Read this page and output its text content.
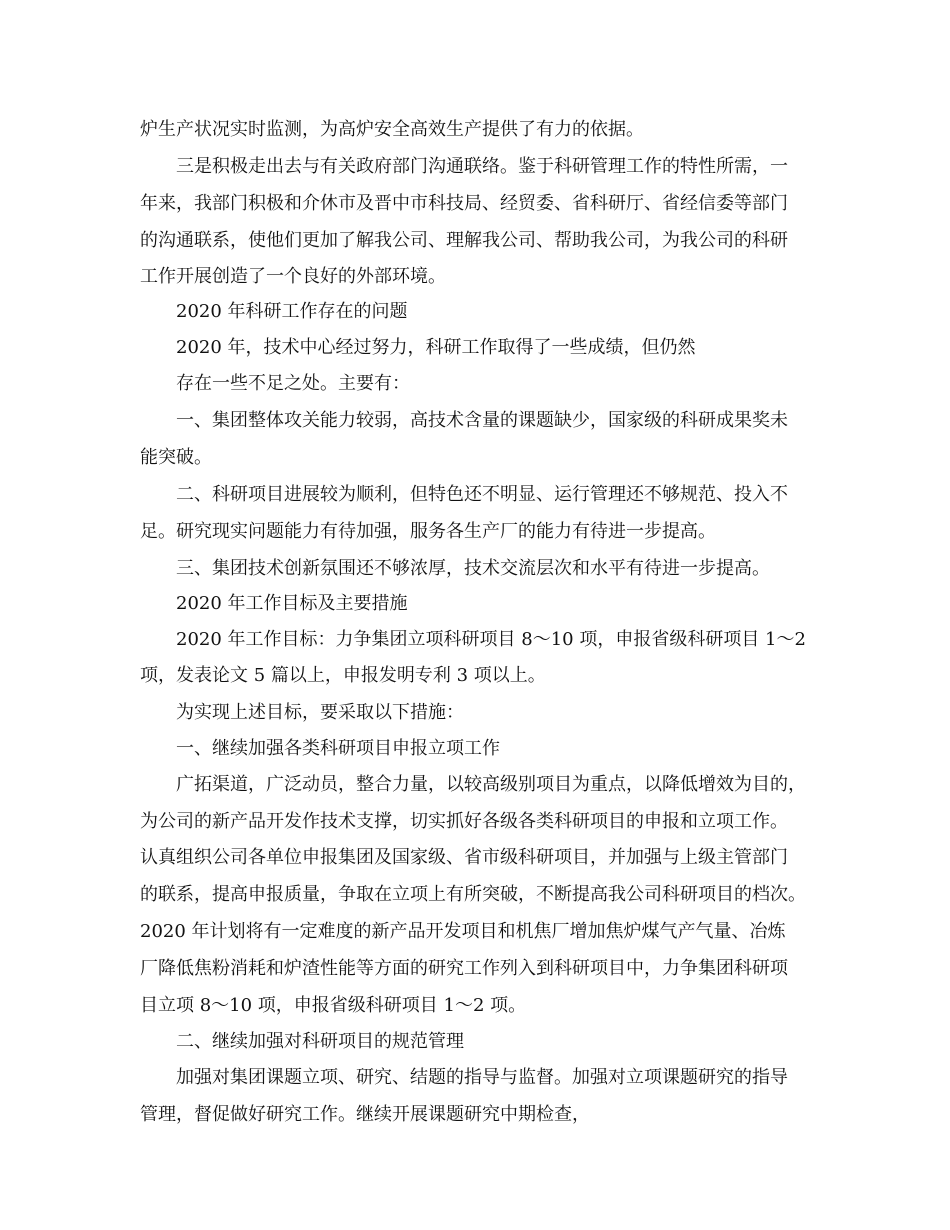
炉生产状况实时监测，为高炉安全高效生产提供了有力的依据。
三是积极走出去与有关政府部门沟通联络。鉴于科研管理工作的特性所需，一
年来，我部门积极和介休市及晋中市科技局、经贸委、省科研厅、省经信委等部门
的沟通联系，使他们更加了解我公司、理解我公司、帮助我公司，为我公司的科研
工作开展创造了一个良好的外部环境。
2020 年科研工作存在的问题
2020 年，技术中心经过努力，科研工作取得了一些成绩，但仍然
存在一些不足之处。主要有：
一、集团整体攻关能力较弱，高技术含量的课题缺少，国家级的科研成果奖未
能突破。
二、科研项目进展较为顺利，但特色还不明显、运行管理还不够规范、投入不
足。研究现实问题能力有待加强，服务各生产厂的能力有待进一步提高。
三、集团技术创新氛围还不够浓厚，技术交流层次和水平有待进一步提高。
2020 年工作目标及主要措施
2020 年工作目标：力争集团立项科研项目 8～10 项，申报省级科研项目 1～2
项，发表论文 5 篇以上，申报发明专利 3 项以上。
为实现上述目标，要采取以下措施：
一、继续加强各类科研项目申报立项工作
广拓渠道，广泛动员，整合力量，以较高级别项目为重点，以降低增效为目的，
为公司的新产品开发作技术支撑，切实抓好各级各类科研项目的申报和立项工作。
认真组织公司各单位申报集团及国家级、省市级科研项目，并加强与上级主管部门
的联系，提高申报质量，争取在立项上有所突破，不断提高我公司科研项目的档次。
2020 年计划将有一定难度的新产品开发项目和机焦厂增加焦炉煤气产气量、冶炼
厂降低焦粉消耗和炉渣性能等方面的研究工作列入到科研项目中，力争集团科研项
目立项 8～10 项，申报省级科研项目 1～2 项。
二、继续加强对科研项目的规范管理
加强对集团课题立项、研究、结题的指导与监督。加强对立项课题研究的指导
管理，督促做好研究工作。继续开展课题研究中期检查，
